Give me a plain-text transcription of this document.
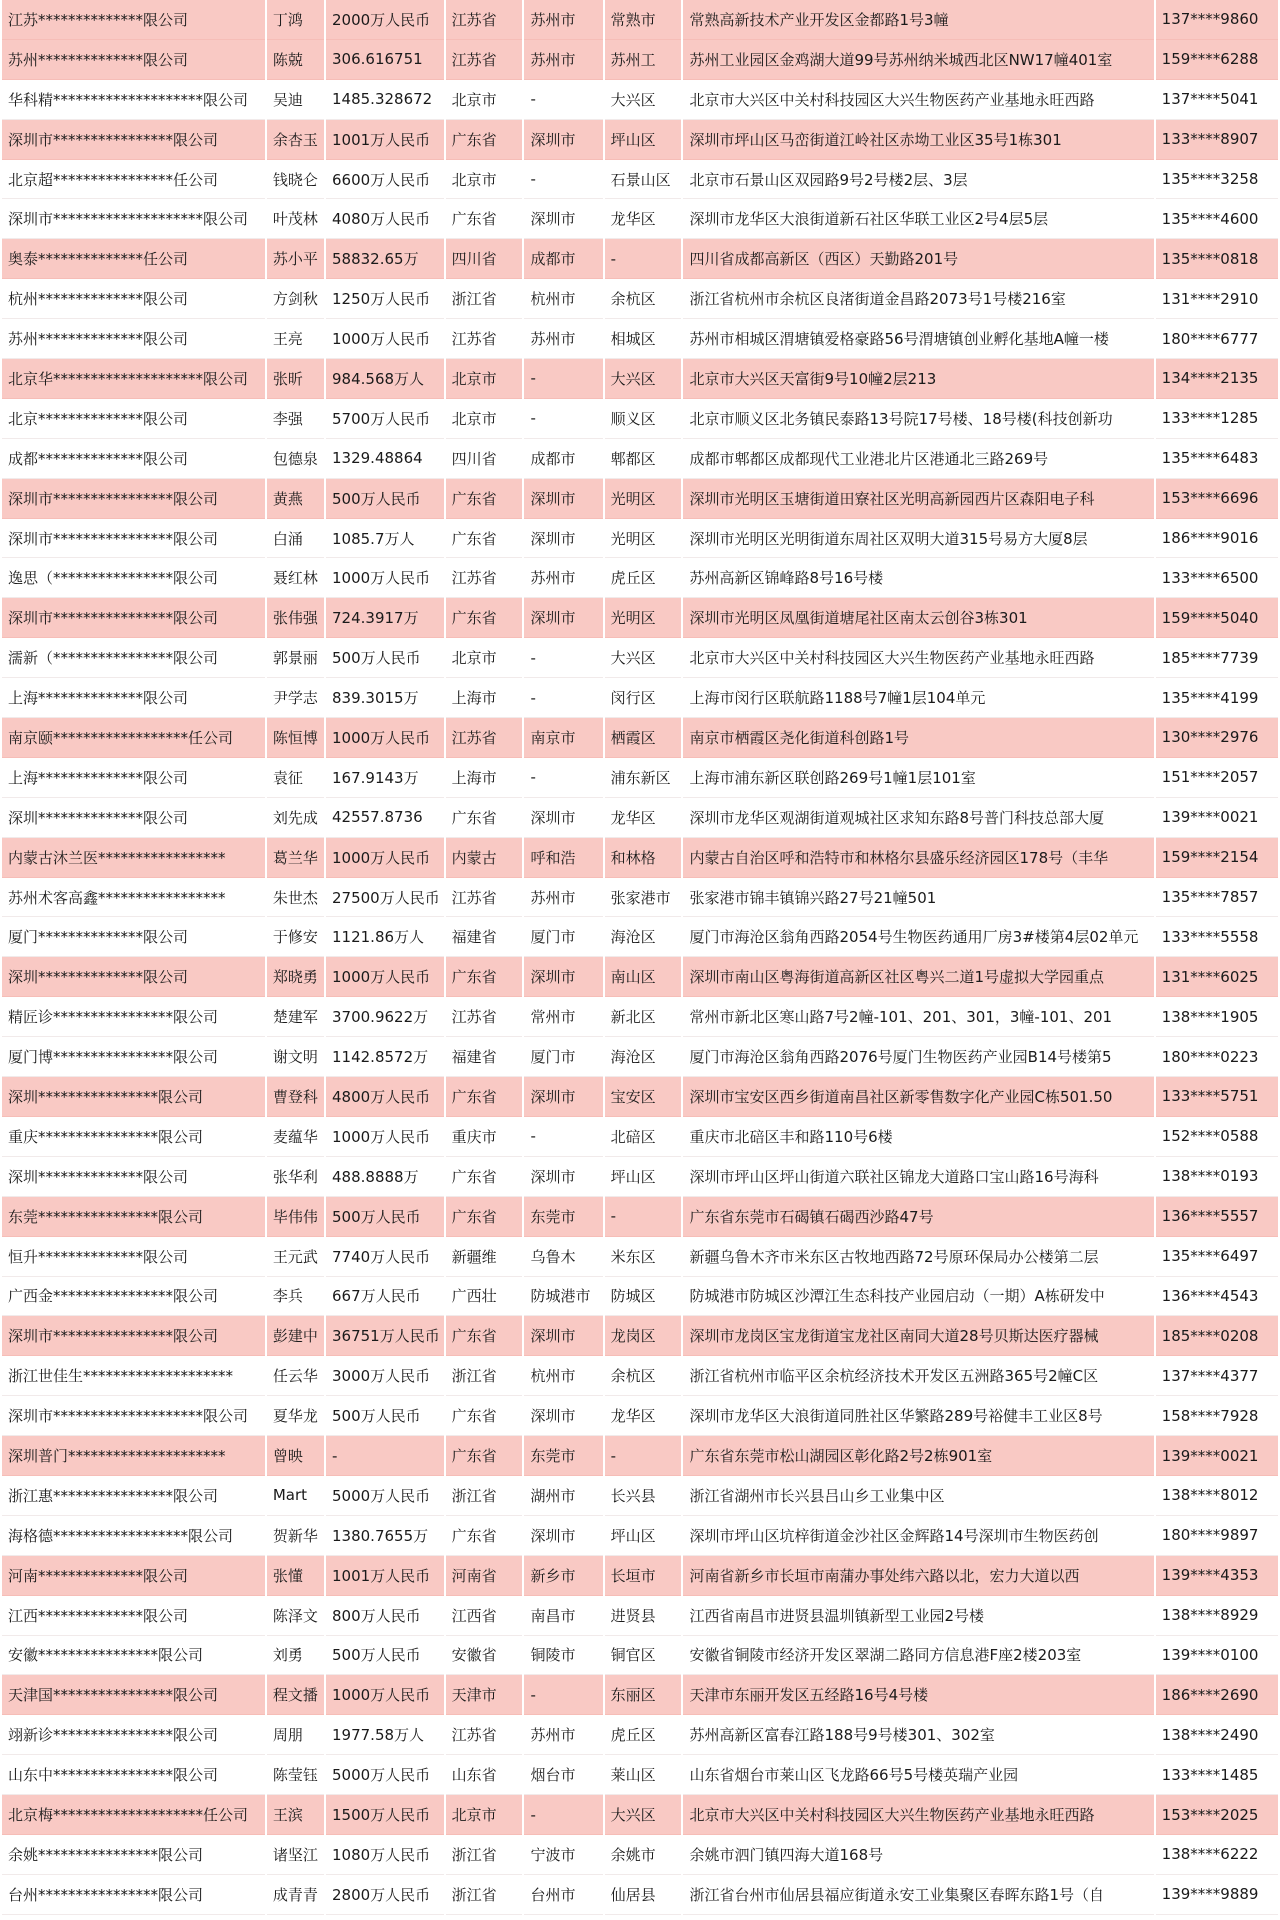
江苏**************限公司	丁鸿	2000万人民币	江苏省	苏州市	常熟市	常熟高新技术产业开发区金都路1号3幢	137****9860
苏州**************限公司	陈兢	306.616751	江苏省	苏州市	苏州工	苏州工业园区金鸡湖大道99号苏州纳米城西北区NW17幢401室	159****6288
华科精********************限公司	吴迪	1485.328672	北京市	-	大兴区	北京市大兴区中关村科技园区大兴生物医药产业基地永旺西路	137****5041
深圳市****************限公司	余杏玉	1001万人民币	广东省	深圳市	坪山区	深圳市坪山区马峦街道江岭社区赤坳工业区35号1栋301	133****8907
北京超****************任公司	钱晓仑	6600万人民币	北京市	-	石景山区	北京市石景山区双园路9号2号楼2层、3层	135****3258
深圳市********************限公司	叶茂林	4080万人民币	广东省	深圳市	龙华区	深圳市龙华区大浪街道新石社区华联工业区2号4层5层	135****4600
奥泰**************任公司	苏小平	58832.65万	四川省	成都市	-	四川省成都高新区（西区）天勤路201号	135****0818
杭州**************限公司	方剑秋	1250万人民币	浙江省	杭州市	余杭区	浙江省杭州市余杭区良渚街道金昌路2073号1号楼216室	131****2910
苏州**************限公司	王亮	1000万人民币	江苏省	苏州市	相城区	苏州市相城区渭塘镇爱格豪路56号渭塘镇创业孵化基地A幢一楼	180****6777
北京华********************限公司	张昕	984.568万人	北京市	-	大兴区	北京市大兴区天富街9号10幢2层213	134****2135
北京**************限公司	李强	5700万人民币	北京市	-	顺义区	北京市顺义区北务镇民泰路13号院17号楼、18号楼(科技创新功	133****1285
成都**************限公司	包德泉	1329.48864	四川省	成都市	郫都区	成都市郫都区成都现代工业港北片区港通北三路269号	135****6483
深圳市****************限公司	黄燕	500万人民币	广东省	深圳市	光明区	深圳市光明区玉塘街道田寮社区光明高新园西片区森阳电子科	153****6696
深圳市****************限公司	白涌	1085.7万人	广东省	深圳市	光明区	深圳市光明区光明街道东周社区双明大道315号易方大厦8层	186****9016
逸思（****************限公司	聂红林	1000万人民币	江苏省	苏州市	虎丘区	苏州高新区锦峰路8号16号楼	133****6500
深圳市****************限公司	张伟强	724.3917万	广东省	深圳市	光明区	深圳市光明区凤凰街道塘尾社区南太云创谷3栋301	159****5040
濡新（****************限公司	郭景丽	500万人民币	北京市	-	大兴区	北京市大兴区中关村科技园区大兴生物医药产业基地永旺西路	185****7739
上海**************限公司	尹学志	839.3015万	上海市	-	闵行区	上海市闵行区联航路1188号7幢1层104单元	135****4199
南京颐******************任公司	陈恒博	1000万人民币	江苏省	南京市	栖霞区	南京市栖霞区尧化街道科创路1号	130****2976
上海**************限公司	袁征	167.9143万	上海市	-	浦东新区	上海市浦东新区联创路269号1幢1层101室	151****2057
深圳**************限公司	刘先成	42557.8736	广东省	深圳市	龙华区	深圳市龙华区观湖街道观城社区求知东路8号普门科技总部大厦	139****0021
内蒙古沐兰医*****************	葛兰华	1000万人民币	内蒙古	呼和浩	和林格	内蒙古自治区呼和浩特市和林格尔县盛乐经济园区178号（丰华	159****2154
苏州术客高鑫*****************	朱世杰	27500万人民币	江苏省	苏州市	张家港市	张家港市锦丰镇锦兴路27号21幢501	135****7857
厦门**************限公司	于修安	1121.86万人	福建省	厦门市	海沧区	厦门市海沧区翁角西路2054号生物医药通用厂房3#楼第4层02单元	133****5558
深圳**************限公司	郑晓勇	1000万人民币	广东省	深圳市	南山区	深圳市南山区粤海街道高新区社区粤兴二道1号虚拟大学园重点	131****6025
精匠诊****************限公司	楚建军	3700.9622万	江苏省	常州市	新北区	常州市新北区寒山路7号2幢-101、201、301，3幢-101、201	138****1905
厦门博****************限公司	谢文明	1142.8572万	福建省	厦门市	海沧区	厦门市海沧区翁角西路2076号厦门生物医药产业园B14号楼第5	180****0223
深圳****************限公司	曹登科	4800万人民币	广东省	深圳市	宝安区	深圳市宝安区西乡街道南昌社区新零售数字化产业园C栋501.50	133****5751
重庆****************限公司	麦蕴华	1000万人民币	重庆市	-	北碚区	重庆市北碚区丰和路110号6楼	152****0588
深圳**************限公司	张华利	488.8888万	广东省	深圳市	坪山区	深圳市坪山区坪山街道六联社区锦龙大道路口宝山路16号海科	138****0193
东莞****************限公司	毕伟伟	500万人民币	广东省	东莞市	-	广东省东莞市石碣镇石碣西沙路47号	136****5557
恒升**************限公司	王元武	7740万人民币	新疆维	乌鲁木	米东区	新疆乌鲁木齐市米东区古牧地西路72号原环保局办公楼第二层	135****6497
广西金****************限公司	李兵	667万人民币	广西壮	防城港市	防城区	防城港市防城区沙潭江生态科技产业园启动（一期）A栋研发中	136****4543
深圳市****************限公司	彭建中	36751万人民币	广东省	深圳市	龙岗区	深圳市龙岗区宝龙街道宝龙社区南同大道28号贝斯达医疗器械	185****0208
浙江世佳生********************	任云华	3000万人民币	浙江省	杭州市	余杭区	浙江省杭州市临平区余杭经济技术开发区五洲路365号2幢C区	137****4377
深圳市********************限公司	夏华龙	500万人民币	广东省	深圳市	龙华区	深圳市龙华区大浪街道同胜社区华繁路289号裕健丰工业区8号	158****7928
深圳普门*********************	曾映	-	广东省	东莞市	-	广东省东莞市松山湖园区彰化路2号2栋901室	139****0021
浙江惠****************限公司	Mart	5000万人民币	浙江省	湖州市	长兴县	浙江省湖州市长兴县吕山乡工业集中区	138****8012
海格德******************限公司	贺新华	1380.7655万	广东省	深圳市	坪山区	深圳市坪山区坑梓街道金沙社区金辉路14号深圳市生物医药创	180****9897
河南**************限公司	张懂	1001万人民币	河南省	新乡市	长垣市	河南省新乡市长垣市南蒲办事处纬六路以北，宏力大道以西	139****4353
江西**************限公司	陈泽文	800万人民币	江西省	南昌市	进贤县	江西省南昌市进贤县温圳镇新型工业园2号楼	138****8929
安徽****************限公司	刘勇	500万人民币	安徽省	铜陵市	铜官区	安徽省铜陵市经济开发区翠湖二路同方信息港F座2楼203室	139****0100
天津国****************限公司	程文播	1000万人民币	天津市	-	东丽区	天津市东丽开发区五经路16号4号楼	186****2690
翊新诊****************限公司	周朋	1977.58万人	江苏省	苏州市	虎丘区	苏州高新区富春江路188号9号楼301、302室	138****2490
山东中****************限公司	陈莹钰	5000万人民币	山东省	烟台市	莱山区	山东省烟台市莱山区飞龙路66号5号楼英瑞产业园	133****1485
北京梅********************任公司	王滨	1500万人民币	北京市	-	大兴区	北京市大兴区中关村科技园区大兴生物医药产业基地永旺西路	153****2025
余姚****************限公司	诸坚江	1080万人民币	浙江省	宁波市	余姚市	余姚市泗门镇四海大道168号	138****6222
台州****************限公司	成青青	2800万人民币	浙江省	台州市	仙居县	浙江省台州市仙居县福应街道永安工业集聚区春晖东路1号（自	139****9889
